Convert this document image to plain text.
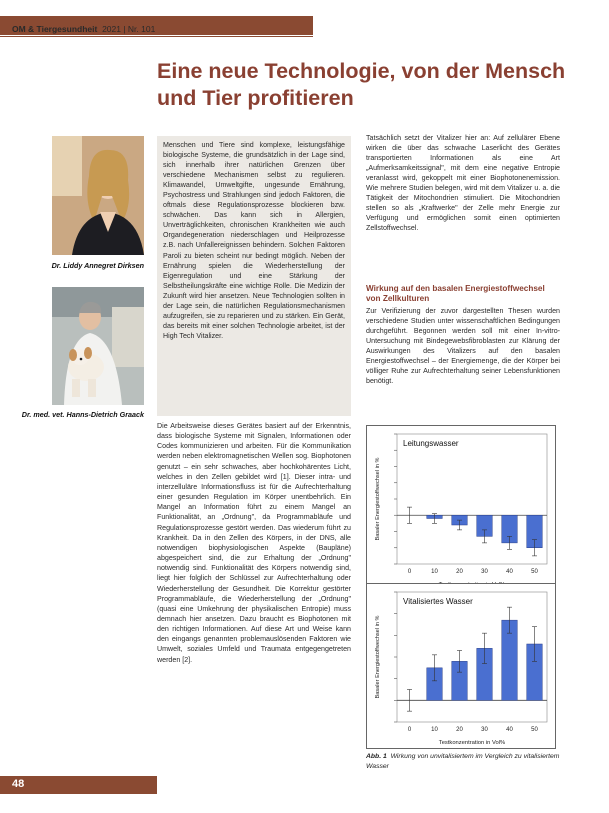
OM & Tiergesundheit 2021 | Nr. 101
Eine neue Technologie, von der Mensch und Tier profitieren
Dr. Liddy Annegret Dirksen
Dr. med. vet. Hanns-Dietrich Graack

Menschen und Tiere sind komplexe, leistungsfähige biologische Systeme, die grundsätzlich in der Lage sind, sich innerhalb ihrer natürlichen Grenzen über verschiedene Mechanismen selbst zu regulieren. Klimawandel, Umweltgifte, ungesunde Ernährung, Psychostress und Strahlungen sind jedoch Faktoren, die oftmals diese Regulationsprozesse blockieren bzw. schwächen. Das kann sich in Allergien, Unverträglichkeiten, chronischen Krankheiten wie auch Organdegeneration niederschlagen und Heilprozesse z.B. nach Unfallereignissen behindern. Solchen Faktoren Paroli zu bieten scheint nur bedingt möglich. Neben der Ernährung spielen die Wiederherstellung der Eigenregulation und eine Stärkung der Selbstheilungskräfte eine wichtige Rolle. Die Medizin der Zukunft wird hier ansetzen. Neue Technologien sollten in der Lage sein, die natürlichen Regulationsmechanismen aufzugreifen, sie zu reparieren und zu stärken. Ein Gerät, das bereits mit einer solchen Technologie arbeitet, ist der High Tech Vitalizer.

Die Arbeitsweise dieses Gerätes basiert auf der Erkenntnis, dass biologische Systeme mit Signalen, Informationen oder Codes kommunizieren und arbeiten. Für die Kommunikation werden neben elektromagnetischen Wellen sog. Biophotonen genutzt – ein sehr schwaches, aber hochkohärentes Licht, welches in den Zellen gebildet wird [1]. Dieser intra- und interzelluläre Informationsfluss ist für die Aufrechterhaltung einer gesunden Regulation im Körper unentbehrlich. Ein Mangel an Information führt zu einem Mangel an Funktionalität, an „Ordnung", da Programmabläufe und Regulationsprozesse gestört werden. Das wiederum führt zu Krankheit. Da in den Zellen des Körpers, in der DNS, alle notwendigen biophysiologischen Aspekte (Baupläne) abgespeichert sind, die zur Erhaltung der „Ordnung" notwendig sind. Funktionalität des Körpers notwendig sind, liegt hier folglich der Schlüssel zur Aufrechterhaltung oder Wiederherstellung der Gesundheit. Die Korrektur gestörter Programmabläufe, die Wiederherstellung der „Ordnung" (quasi eine Umkehrung der physikalischen Entropie) muss demnach hier ansetzen. Dazu braucht es Biophotonen mit den richtigen Informationen. Auf diese Art und Weise kann den eingangs genannten problemauslösenden Faktoren wie Umwelt, soziales Umfeld und Traumata entgegengetreten werden [2].

Tatsächlich setzt der Vitalizer hier an: Auf zellulärer Ebene wirken die über das schwache Laserlicht des Gerätes transportierten Informationen als eine Art „Aufmerksamkeitssignal", mit dem eine negative Entropie veranlasst wird, gekoppelt mit einer Biophotonenemission. Wie mehrere Studien belegen, wird mit dem Vitalizer u. a. die Tätigkeit der Mitochondrien stimuliert. Die Mitochondrien stellen so als „Kraftwerke" der Zelle mehr Energie zur Verfügung und ermöglichen somit einen optimierten Zellstoffwechsel.

Wirkung auf den basalen Energiestoffwechsel von Zellkulturen

Zur Verifizierung der zuvor dargestellten Thesen wurden verschiedene Studien unter wissenschaftlichen Bedingungen durchgeführt. Begonnen werden soll mit einer In-vitro-Untersuchung mit Bindegewebsfibroblasten zur Klärung der Auswirkungen des Vitalizers auf den basalen Energiestoffwechsel – der Energiemenge, die der Körper bei völliger Ruhe zur Aufrechterhaltung seiner Lebensfunktionen benötigt.

0	10	20	30	40	50
Leitungswasser
Basaler Energiestoffwechsel in %
0	10	20	30	40	50
Vitalisiertes Wasser
Testkonzentration in Vol%
Basaler Energiestoffwechsel in %
Abb. 1 Wirkung von unvitalisiertem im Vergleich zu vitalisiertem Wasser
48
